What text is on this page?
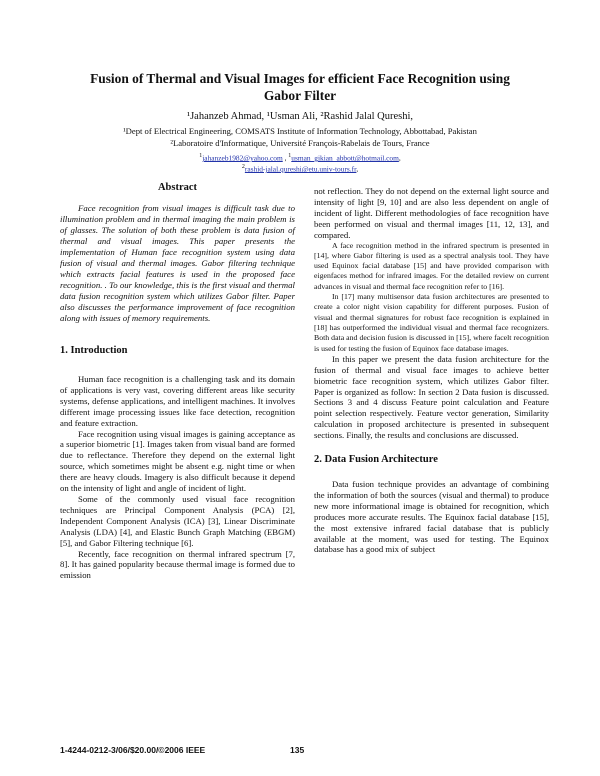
Fusion of Thermal and Visual Images for efficient Face Recognition using Gabor Filter
¹Jahanzeb Ahmad, ¹Usman Ali, ²Rashid Jalal Qureshi,
¹Dept of Electrical Engineering, COMSATS Institute of Information Technology, Abbottabad, Pakistan
²Laboratoire d'Informatique, Université François-Rabelais de Tours, France
$^1$jahanzeb1982@yahoo.com , $^1$usman_gikian_abbott@hotmail.com,
$^2$rashid-jalal.qureshi@etu.univ-tours.fr,
Abstract

Face recognition from visual images is difficult task due to illumination problem and in thermal imaging the main problem is of glasses. The solution of both these problem is data fusion of thermal and visual images. This paper presents the implementation of Human face recognition system using data fusion of visual and thermal images. Gabor filtering technique which extracts facial features is used in the proposed face recognition. . To our knowledge, this is the first visual and thermal data fusion recognition system which utilizes Gabor filter. Paper also discusses the performance improvement of face recognition along with issues of memory requirements.

1. Introduction

Human face recognition is a challenging task and its domain of applications is very vast, covering different areas like security systems, defense applications, and intelligent machines. It involves different image processing issues like face detection, recognition and feature extraction.

Face recognition using visual images is gaining acceptance as a superior biometric [1]. Images taken from visual band are formed due to reflectance. Therefore they depend on the external light source, which sometimes might be absent e.g. night time or when there are heavy clouds. Imagery is also difficult because it depend on the intensity of light and angle of incident of light.

Some of the commonly used visual face recognition techniques are Principal Component Analysis (PCA) [2], Independent Component Analysis (ICA) [3], Linear Discriminate Analysis (LDA) [4], and Elastic Bunch Graph Matching (EBGM) [5], and Gabor Filtering technique [6].

Recently, face recognition on thermal infrared spectrum [7, 8]. It has gained popularity because thermal image is formed due to emission

not reflection. They do not depend on the external light source and intensity of light [9, 10] and are also less dependent on angle of incident of light. Different methodologies of face recognition have been performed on visual and thermal images [11, 12, 13], and compared.

A face recognition method in the infrared spectrum is presented in [14], where Gabor filtering is used as a spectral analysis tool. They have used Equinox facial database [15] and have provided comparison with eigenfaces method for infrared images. For the detailed review on current advances in visual and thermal face recognition refer to [16].

In [17] many multisensor data fusion architectures are presented to create a color night vision capability for different purposes. Fusion of visual and thermal signatures for robust face recognition is explained in [18] has outperformed the individual visual and thermal face recognizers. Both data and decision fusion is discussed in [15], where facelt recognition is used for testing the fusion of Equinox face database images.

In this paper we present the data fusion architecture for the fusion of thermal and visual face images to achieve better biometric face recognition system, which utilizes Gabor filter. Paper is organized as follow: In section 2 Data fusion is discussed. Sections 3 and 4 discuss Feature point calculation and Feature point selection respectively. Feature vector generation, Similarity calculation in proposed architecture is presented in subsequent sections. Finally, the results and conclusions are discussed.

2. Data Fusion Architecture

Data fusion technique provides an advantage of combining the information of both the sources (visual and thermal) to produce new more informational image is obtained for recognition, which produces more accurate results. The Equinox facial database [15], the most extensive infrared facial database that is publicly available at the moment, was used for testing. The Equinox database has a good mix of subject

1-4244-0212-3/06/$20.00/©2006 IEEE	135
